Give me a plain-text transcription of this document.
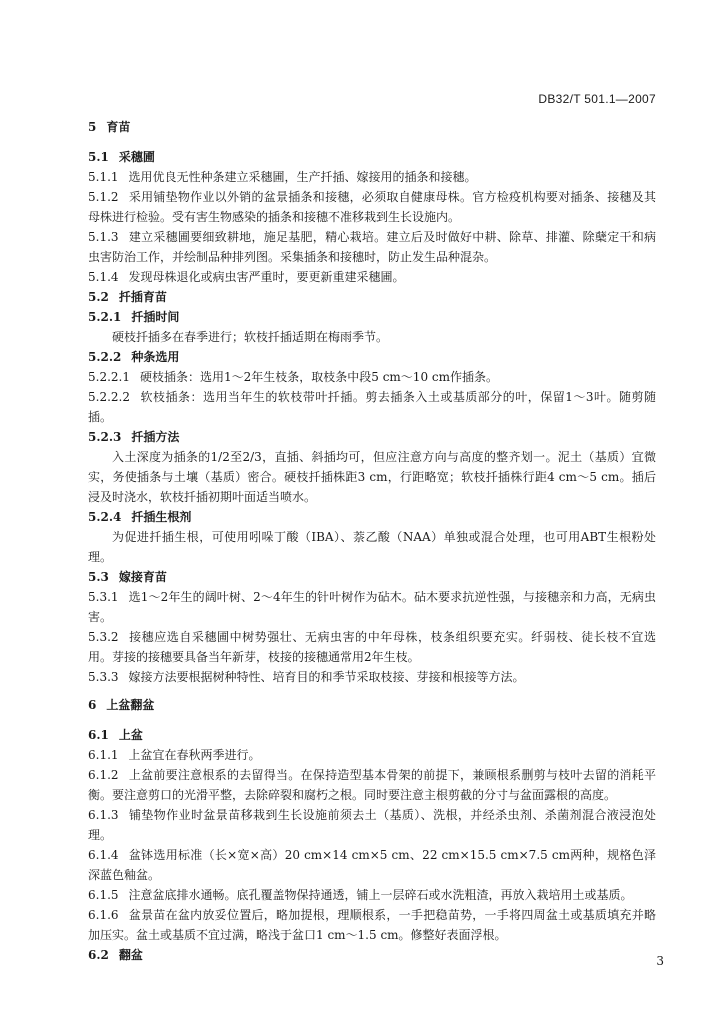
DB32/T 501.1—2007
5 育苗
5.1 采穗圃
5.1.1 选用优良无性种条建立采穗圃，生产扦插、嫁接用的插条和接穗。
5.1.2 采用铺垫物作业以外销的盆景插条和接穗，必须取自健康母株。官方检疫机构要对插条、接穗及其母株进行检验。受有害生物感染的插条和接穗不准移栽到生长设施内。
5.1.3 建立采穗圃要细致耕地，施足基肥，精心栽培。建立后及时做好中耕、除草、排灌、除蘖定干和病虫害防治工作，并绘制品种排列图。采集插条和接穗时，防止发生品种混杂。
5.1.4 发现母株退化或病虫害严重时，要更新重建采穗圃。
5.2 扦插育苗
5.2.1 扦插时间
硬枝扦插多在春季进行；软枝扦插适期在梅雨季节。
5.2.2 种条选用
5.2.2.1 硬枝插条：选用1～2年生枝条，取枝条中段5 cm～10 cm作插条。
5.2.2.2 软枝插条：选用当年生的软枝带叶扦插。剪去插条入土或基质部分的叶，保留1～3叶。随剪随插。
5.2.3 扦插方法
入土深度为插条的1/2至2/3，直插、斜插均可，但应注意方向与高度的整齐划一。泥土（基质）宜微实，务使插条与土壤（基质）密合。硬枝扦插株距3 cm，行距略宽；软枝扦插株行距4 cm～5 cm。插后浸及时浇水，软枝扦插初期叶面适当喷水。
5.2.4 扦插生根剂
为促进扦插生根，可使用吲哚丁酸（IBA）、萘乙酸（NAA）单独或混合处理，也可用ABT生根粉处理。
5.3 嫁接育苗
5.3.1 选1～2年生的阔叶树、2～4年生的针叶树作为砧木。砧木要求抗逆性强，与接穗亲和力高，无病虫害。
5.3.2 接穗应选自采穗圃中树势强壮、无病虫害的中年母株，枝条组织要充实。纤弱枝、徒长枝不宜选用。芽接的接穗要具备当年新芽，枝接的接穗通常用2年生枝。
5.3.3 嫁接方法要根据树种特性、培育目的和季节采取枝接、芽接和根接等方法。
6 上盆翻盆
6.1 上盆
6.1.1 上盆宜在春秋两季进行。
6.1.2 上盆前要注意根系的去留得当。在保持造型基本骨架的前提下，兼顾根系删剪与枝叶去留的消耗平衡。要注意剪口的光滑平整，去除碎裂和腐朽之根。同时要注意主根剪截的分寸与盆面露根的高度。
6.1.3 铺垫物作业时盆景苗移栽到生长设施前须去土（基质）、洗根，并经杀虫剂、杀菌剂混合液浸泡处理。
6.1.4 盆钵选用标准（长×宽×高）20 cm×14 cm×5 cm、22 cm×15.5 cm×7.5 cm两种，规格色泽深蓝色釉盆。
6.1.5 注意盆底排水通畅。底孔覆盖物保持通透，铺上一层碎石或水洗粗渣，再放入栽培用土或基质。
6.1.6 盆景苗在盆内放妥位置后，略加提根，理顺根系，一手把稳苗势，一手将四周盆土或基质填充并略加压实。盆土或基质不宜过满，略浅于盆口1 cm～1.5 cm。修整好表面浮根。
6.2 翻盆	3
